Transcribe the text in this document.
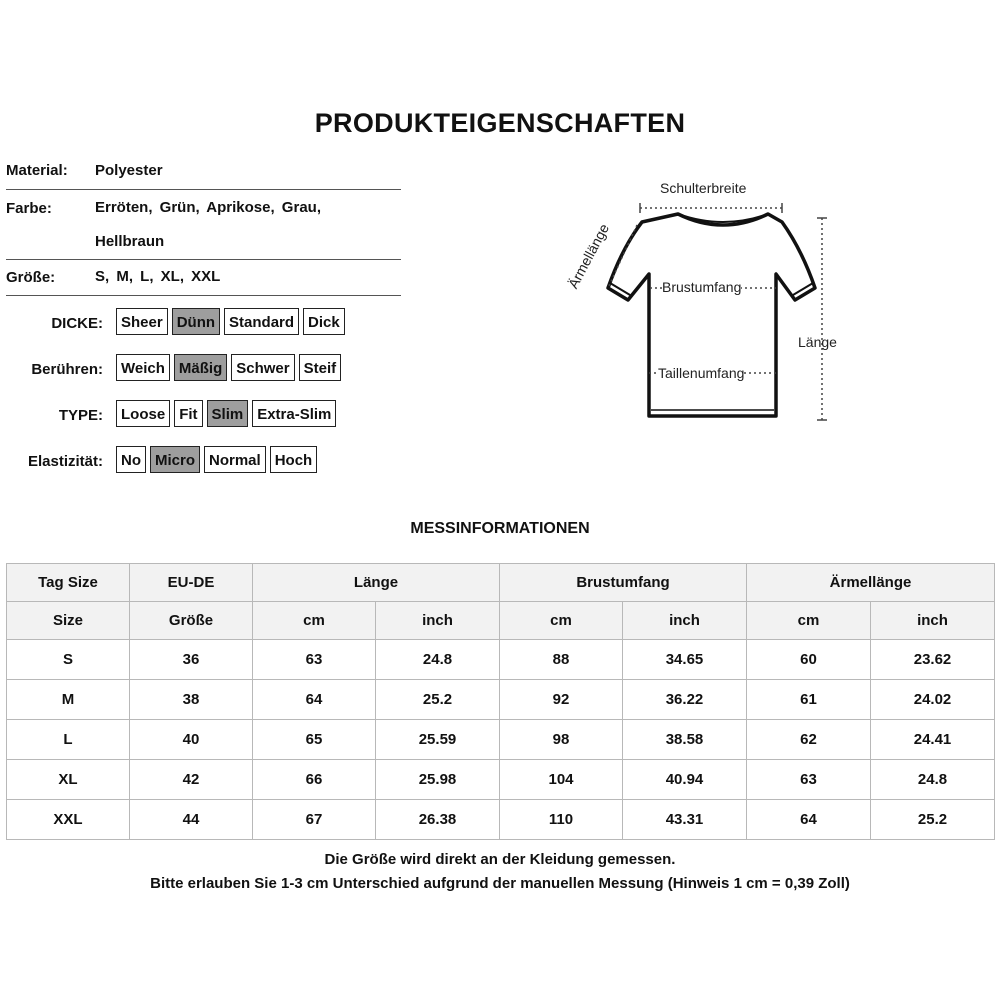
PRODUKTEIGENSCHAFTEN
Material: Polyester
Farbe:	Erröten, Grün, Aprikose, Grau,
Hellbraun
Größe:	S, M, L, XL, XXL
DICKE:	Sheer Dünn Standard Dick
Berühren:	Weich Mäßig Schwer Steif
TYPE:	Loose Fit Slim Extra-Slim
Elastizität:	No Micro Normal Hoch
Schulterbreite
Ärmellänge	Brustumfang
Taillenumfang
Länge
MESSINFORMATIONEN
Tag Size	EU-DE	Länge		Brustumfang		Ärmellänge	
Size	Größe	cm	inch	cm	inch	cm	inch
S	36	63	24.8	88	34.65	60	23.62
M	38	64	25.2	92	36.22	61	24.02
L	40	65	25.59	98	38.58	62	24.41
XL	42	66	25.98	104	40.94	63	24.8
XXL	44	67	26.38	110	43.31	64	25.2
Die Größe wird direkt an der Kleidung gemessen.
Bitte erlauben Sie 1-3 cm Unterschied aufgrund der manuellen Messung (Hinweis 1 cm = 0,39 Zoll)
